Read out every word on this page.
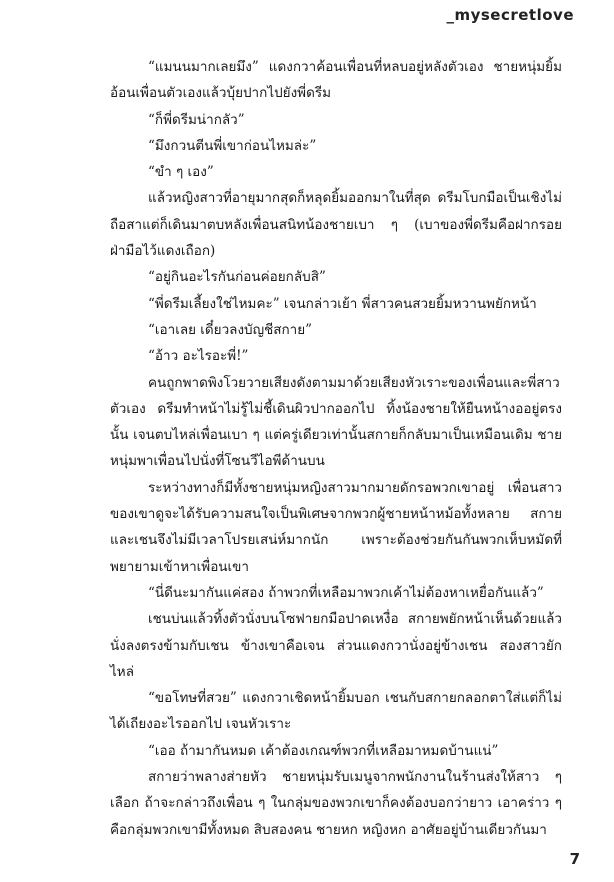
_mysecretlove

“แมนนมากเลยมึง” แดงกวาค้อนเพื่อนที่หลบอยู่หลังตัวเอง ชายหนุ่มยิ้มอ้อนเพื่อนตัวเองแล้วบุ้ยปากไปยังพี่ดรีม

“ก็พี่ดรีมน่ากลัว”

“มึงกวนตีนพี่เขาก่อนไหมล่ะ”

“ขำ ๆ เอง”

แล้วหญิงสาวที่อายุมากสุดก็หลุดยิ้มออกมาในที่สุด ดรีมโบกมือเป็นเชิงไม่ถือสาแต่ก็เดินมาตบหลังเพื่อนสนิทน้องชายเบา ๆ (เบาของพี่ดรีมคือฝากรอยฝ่ามือไว้แดงเถือก)

“อยู่กินอะไรกันก่อนค่อยกลับสิ”

“พี่ดรีมเลี้ยงใช่ไหมคะ” เจนกล่าวเย้า พี่สาวคนสวยยิ้มหวานพยักหน้า

“เอาเลย เดี๋ยวลงบัญชีสกาย”

“อ้าว อะไรอะพี่!”

คนถูกพาดพิงโวยวายเสียงดังตามมาด้วยเสียงหัวเราะของเพื่อนและพี่สาวตัวเอง ดรีมทำหน้าไม่รู้ไม่ชี้เดินผิวปากออกไป ทิ้งน้องชายให้ยืนหน้างออยู่ตรงนั้น เจนตบไหล่เพื่อนเบา ๆ แต่ครู่เดียวเท่านั้นสกายก็กลับมาเป็นเหมือนเดิม ชายหนุ่มพาเพื่อนไปนั่งที่โซนวีไอพีด้านบน

ระหว่างทางก็มีทั้งชายหนุ่มหญิงสาวมากมายดักรอพวกเขาอยู่ เพื่อนสาวของเขาดูจะได้รับความสนใจเป็นพิเศษจากพวกผู้ชายหน้าหม้อทั้งหลาย สกายและเชนจึงไม่มีเวลาโปรยเสน่ห์มากนัก เพราะต้องช่วยกันกันพวกเห็บหมัดที่พยายามเข้าหาเพื่อนเขา

“นี่ดีนะมากันแค่สอง ถ้าพวกที่เหลือมาพวกเค้าไม่ต้องหาเหยื่อกันแล้ว”

เชนบ่นแล้วทิ้งตัวนั่งบนโซฟายกมือปาดเหงื่อ สกายพยักหน้าเห็นด้วยแล้วนั่งลงตรงข้ามกับเชน ข้างเขาคือเจน ส่วนแดงกวานั่งอยู่ข้างเชน สองสาวยักไหล่

“ขอโทษที่สวย” แดงกวาเชิดหน้ายิ้มบอก เชนกับสกายกลอกตาใส่แต่ก็ไม่ได้เถียงอะไรออกไป เจนหัวเราะ

“เออ ถ้ามากันหมด เค้าต้องเกณฑ์พวกที่เหลือมาหมดบ้านแน่”

สกายว่าพลางส่ายหัว ชายหนุ่มรับเมนูจากพนักงานในร้านส่งให้สาว ๆ เลือก ถ้าจะกล่าวถึงเพื่อน ๆ ในกลุ่มของพวกเขาก็คงต้องบอกว่ายาว เอาคร่าว ๆ คือกลุ่มพวกเขามีทั้งหมด สิบสองคน ชายหก หญิงหก อาศัยอยู่บ้านเดียวกันมา

7
